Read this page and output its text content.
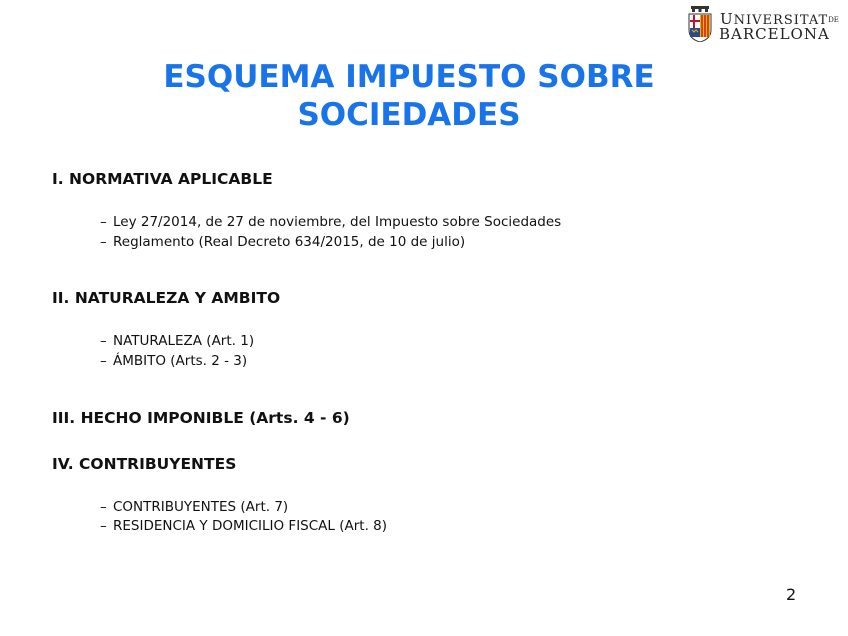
UNIVERSITATDE
BARCELONA
ESQUEMA IMPUESTO SOBRE
SOCIEDADES
I. NORMATIVA APLICABLE
– Ley 27/2014, de 27 de noviembre, del Impuesto sobre Sociedades
– Reglamento (Real Decreto 634/2015, de 10 de julio)
II. NATURALEZA Y AMBITO
– NATURALEZA (Art. 1)
– ÁMBITO (Arts. 2 - 3)
III. HECHO IMPONIBLE (Arts. 4 - 6)
IV. CONTRIBUYENTES
– CONTRIBUYENTES (Art. 7)
– RESIDENCIA Y DOMICILIO FISCAL (Art. 8)
2
